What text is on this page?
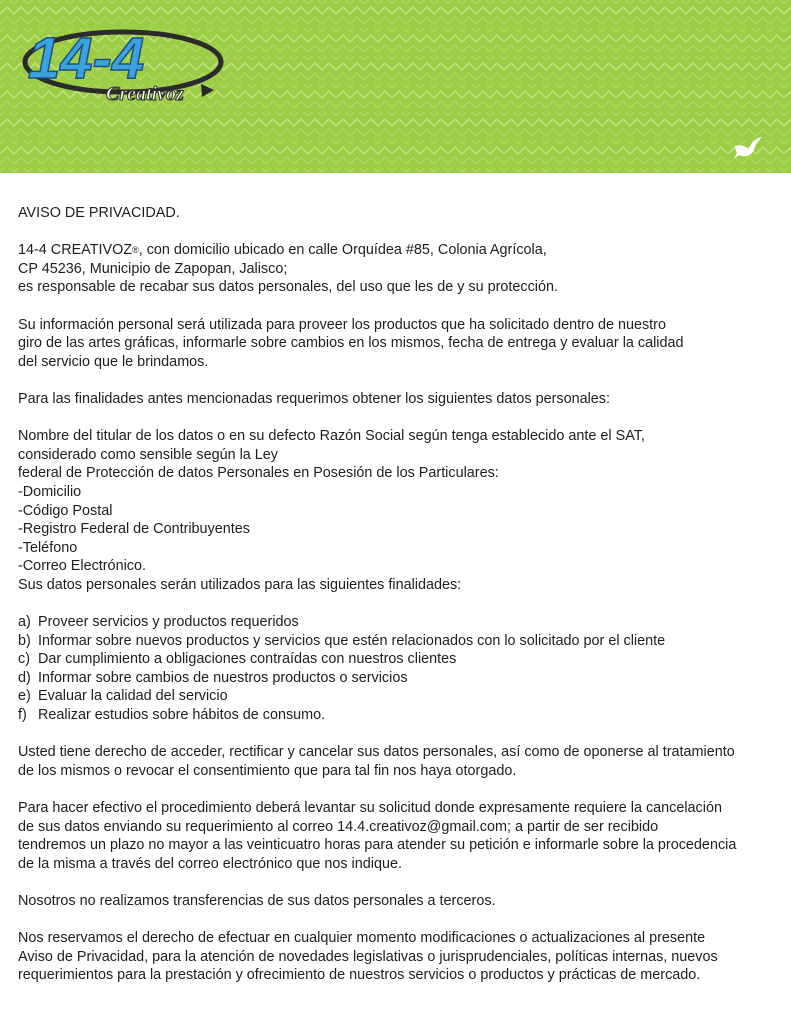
14-4
Creativoz
AVISO DE PRIVACIDAD.
14-4 CREATIVOZ®, con domicilio ubicado en calle Orquídea #85, Colonia Agrícola,
CP 45236, Municipio de Zapopan, Jalisco;
es responsable de recabar sus datos personales, del uso que les de y su protección.
Su información personal será utilizada para proveer los productos que ha solicitado dentro de nuestro
giro de las artes gráficas, informarle sobre cambios en los mismos, fecha de entrega y evaluar la calidad
del servicio que le brindamos.
Para las finalidades antes mencionadas requerimos obtener los siguientes datos personales:
Nombre del titular de los datos o en su defecto Razón Social según tenga establecido ante el SAT,
considerado como sensible según la Ley
federal de Protección de datos Personales en Posesión de los Particulares:
-Domicilio
-Código Postal
-Registro Federal de Contribuyentes
-Teléfono
-Correo Electrónico.
Sus datos personales serán utilizados para las siguientes finalidades:
a) Proveer servicios y productos requeridos
b) Informar sobre nuevos productos y servicios que estén relacionados con lo solicitado por el cliente
c) Dar cumplimiento a obligaciones contraídas con nuestros clientes
d) Informar sobre cambios de nuestros productos o servicios
e) Evaluar la calidad del servicio
f) Realizar estudios sobre hábitos de consumo.
Usted tiene derecho de acceder, rectificar y cancelar sus datos personales, así como de oponerse al tratamiento
de los mismos o revocar el consentimiento que para tal fin nos haya otorgado.
Para hacer efectivo el procedimiento deberá levantar su solicitud donde expresamente requiere la cancelación
de sus datos enviando su requerimiento al correo 14.4.creativoz@gmail.com; a partir de ser recibido
tendremos un plazo no mayor a las veinticuatro horas para atender su petición e informarle sobre la procedencia
de la misma a través del correo electrónico que nos indique.
Nosotros no realizamos transferencias de sus datos personales a terceros.
Nos reservamos el derecho de efectuar en cualquier momento modificaciones o actualizaciones al presente
Aviso de Privacidad, para la atención de novedades legislativas o jurisprudenciales, políticas internas, nuevos
requerimientos para la prestación y ofrecimiento de nuestros servicios o productos y prácticas de mercado.
